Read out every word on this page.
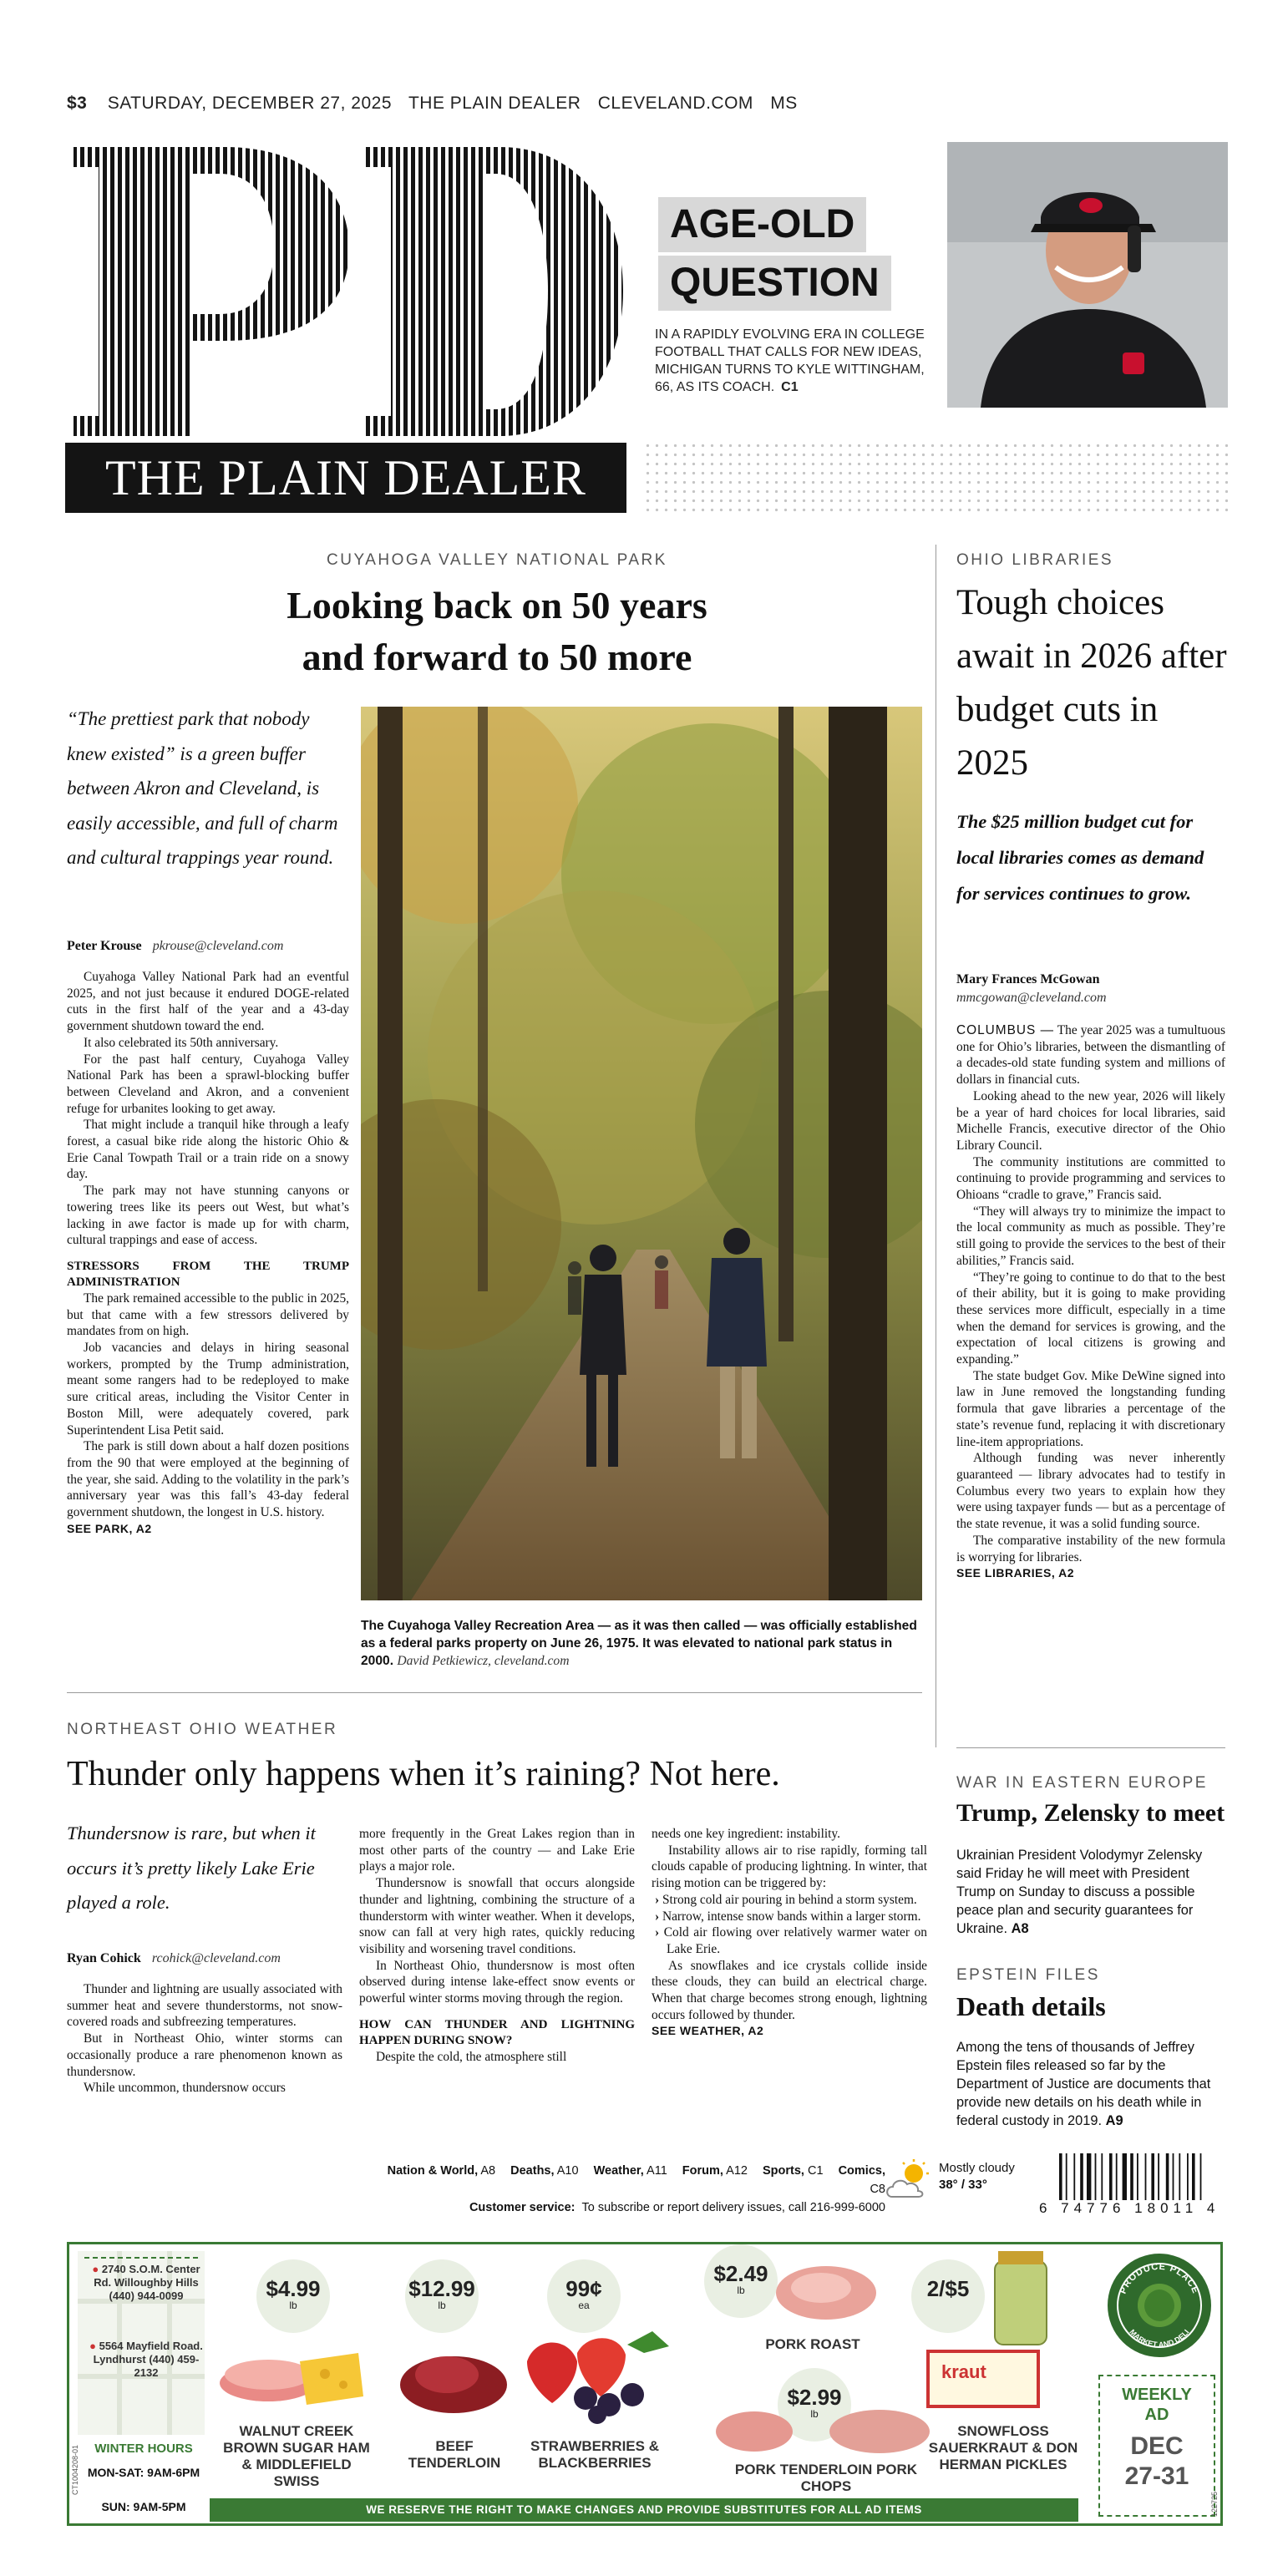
$3 SATURDAY, DECEMBER 27, 2025 THE PLAIN DEALER CLEVELAND.COM MS
THE PLAIN DEALER
AGE-OLD
QUESTION
IN A RAPIDLY EVOLVING ERA IN COLLEGE FOOTBALL THAT CALLS FOR NEW IDEAS, MICHIGAN TURNS TO KYLE WITTINGHAM, 66, AS ITS COACH. C1
CUYAHOGA VALLEY NATIONAL PARK
Looking back on 50 years
and forward to 50 more
“The prettiest park that nobody knew existed” is a green buffer between Akron and Cleveland, is easily accessible, and full of charm and cultural trappings year round.
Peter Krouse pkrouse@cleveland.com

Cuyahoga Valley National Park had an eventful 2025, and not just because it endured DOGE-related cuts in the first half of the year and a 43-day government shutdown toward the end.

It also celebrated its 50th anniversary.

For the past half century, Cuyahoga Valley National Park has been a sprawl-blocking buffer between Cleveland and Akron, and a convenient refuge for urbanites looking to get away.

That might include a tranquil hike through a leafy forest, a casual bike ride along the historic Ohio & Erie Canal Towpath Trail or a train ride on a snowy day.

The park may not have stunning canyons or towering trees like its peers out West, but what’s lacking in awe factor is made up for with charm, cultural trappings and ease of access.

STRESSORS FROM THE TRUMP ADMINISTRATION

The park remained accessible to the public in 2025, but that came with a few stressors delivered by mandates from on high.

Job vacancies and delays in hiring seasonal workers, prompted by the Trump administration, meant some rangers had to be redeployed to make sure critical areas, including the Visitor Center in Boston Mill, were adequately covered, park Superintendent Lisa Petit said.

The park is still down about a half dozen positions from the 90 that were employed at the beginning of the year, she said. Adding to the volatility in the park’s anniversary year was this fall’s 43-day federal government shutdown, the longest in U.S. history.

SEE PARK, A2
The Cuyahoga Valley Recreation Area — as it was then called — was officially established as a federal parks property on June 26, 1975. It was elevated to national park status in 2000. David Petkiewicz, cleveland.com
OHIO LIBRARIES
Tough choices await in 2026 after budget cuts in 2025
The $25 million budget cut for local libraries comes as demand for services continues to grow.
Mary Frances McGowan
mmcgowan@cleveland.com

COLUMBUS — The year 2025 was a tumultuous one for Ohio’s libraries, between the dismantling of a decades-old state funding system and millions of dollars in financial cuts.

Looking ahead to the new year, 2026 will likely be a year of hard choices for local libraries, said Michelle Francis, executive director of the Ohio Library Council.

The community institutions are committed to continuing to provide programming and services to Ohioans “cradle to grave,” Francis said.

“They will always try to minimize the impact to the local community as much as possible. They’re still going to provide the services to the best of their abilities,” Francis said.

“They’re going to continue to do that to the best of their ability, but it is going to make providing these services more difficult, especially in a time when the demand for services is growing, and the expectation of local citizens is growing and expanding.”

The state budget Gov. Mike DeWine signed into law in June removed the longstanding funding formula that gave libraries a percentage of the state’s revenue fund, replacing it with discretionary line-item appropriations.

Although funding was never inherently guaranteed — library advocates had to testify in Columbus every two years to explain how they were using taxpayer funds — but as a percentage of the state revenue, it was a solid funding source.

The comparative instability of the new formula is worrying for libraries.

SEE LIBRARIES, A2
WAR IN EASTERN EUROPE
Trump, Zelensky to meet
Ukrainian President Volodymyr Zelensky said Friday he will meet with President Trump on Sunday to discuss a possible peace plan and security guarantees for Ukraine. A8
EPSTEIN FILES
Death details
Among the tens of thousands of Jeffrey Epstein files released so far by the Department of Justice are documents that provide new details on his death while in federal custody in 2019. A9
NORTHEAST OHIO WEATHER
Thunder only happens when it’s raining? Not here.
Thundersnow is rare, but when it occurs it’s pretty likely Lake Erie played a role.
Ryan Cohick rcohick@cleveland.com

Thunder and lightning are usually associated with summer heat and severe thunderstorms, not snow-covered roads and subfreezing temperatures.

But in Northeast Ohio, winter storms can occasionally produce a rare phenomenon known as thundersnow.

While uncommon, thundersnow occurs

more frequently in the Great Lakes region than in most other parts of the country — and Lake Erie plays a major role.

Thundersnow is snowfall that occurs alongside thunder and lightning, combining the structure of a thunderstorm with winter weather. When it develops, snow can fall at very high rates, quickly reducing visibility and worsening travel conditions.

In Northeast Ohio, thundersnow is most often observed during intense lake-effect snow events or powerful winter storms moving through the region.

HOW CAN THUNDER AND LIGHTNING HAPPEN DURING SNOW?

Despite the cold, the atmosphere still

needs one key ingredient: instability.

Instability allows air to rise rapidly, forming tall clouds capable of producing lightning. In winter, that rising motion can be triggered by:

› Strong cold air pouring in behind a storm system.
› Narrow, intense snow bands within a larger storm.
› Cold air flowing over relatively warmer water on Lake Erie.

As snowflakes and ice crystals collide inside these clouds, they can build an electrical charge. When that charge becomes strong enough, lightning occurs followed by thunder.

SEE WEATHER, A2
Nation & World, A8 Deaths, A10 Weather, A11 Forum, A12 Sports, C1 Comics, C8
Customer service: To subscribe or report delivery issues, call 216-999-6000
Mostly cloudy
38° / 33°
6 74776 18011 4
● 2740 S.O.M. Center Rd. Willoughby Hills (440) 944-0099
● 5564 Mayfield Road. Lyndhurst (440) 459-2132
WINTER HOURS
MON-SAT: 9AM-6PM
SUN: 9AM-5PM
$4.99
lb
WALNUT CREEK BROWN SUGAR HAM & MIDDLEFIELD SWISS
$12.99
lb
BEEF TENDERLOIN
99¢
ea
STRAWBERRIES & BLACKBERRIES
$2.49
lb
PORK ROAST
$2.99
lb
PORK TENDERLOIN PORK CHOPS
2/$5
kraut
SNOWFLOSS SAUERKRAUT & DON HERMAN PICKLES
PRODUCE PLACE
MARKET AND DELI
WEEKLY
AD
DEC
27-31
WE RESERVE THE RIGHT TO MAKE CHANGES AND PROVIDE SUBSTITUTES FOR ALL AD ITEMS
CT1004208-01
122725
